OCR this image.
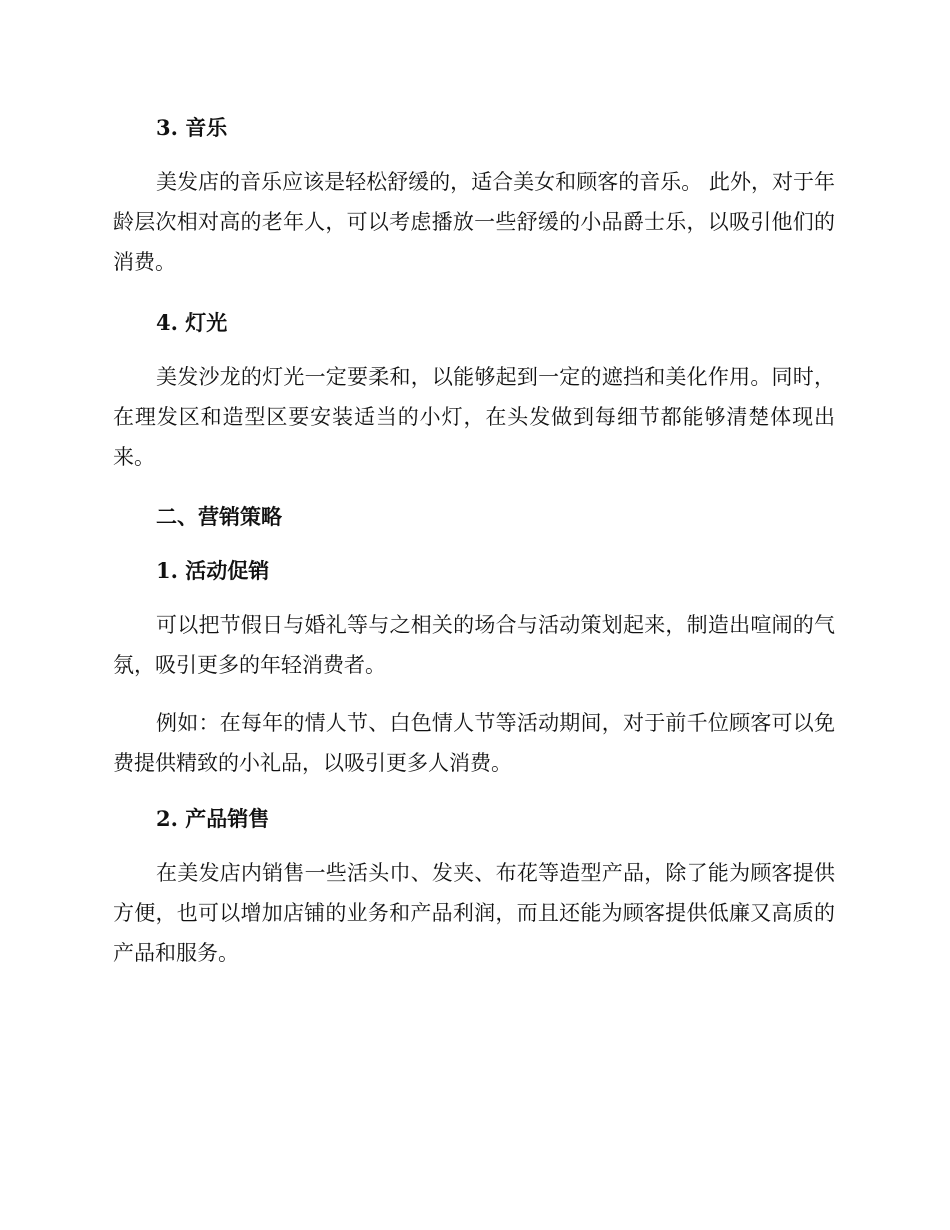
3. 音乐

美发店的音乐应该是轻松舒缓的，适合美女和顾客的音乐。 此外，对于年龄层次相对高的老年人，可以考虑播放一些舒缓的小品爵士乐，以吸引他们的消费。

4. 灯光

美发沙龙的灯光一定要柔和，以能够起到一定的遮挡和美化作用。同时，在理发区和造型区要安装适当的小灯，在头发做到每细节都能够清楚体现出来。

二、营销策略
1. 活动促销

可以把节假日与婚礼等与之相关的场合与活动策划起来，制造出喧闹的气氛，吸引更多的年轻消费者。

例如：在每年的情人节、白色情人节等活动期间，对于前千位顾客可以免费提供精致的小礼品，以吸引更多人消费。

2. 产品销售

在美发店内销售一些活头巾、发夹、布花等造型产品，除了能为顾客提供方便，也可以增加店铺的业务和产品利润，而且还能为顾客提供低廉又高质的产品和服务。
